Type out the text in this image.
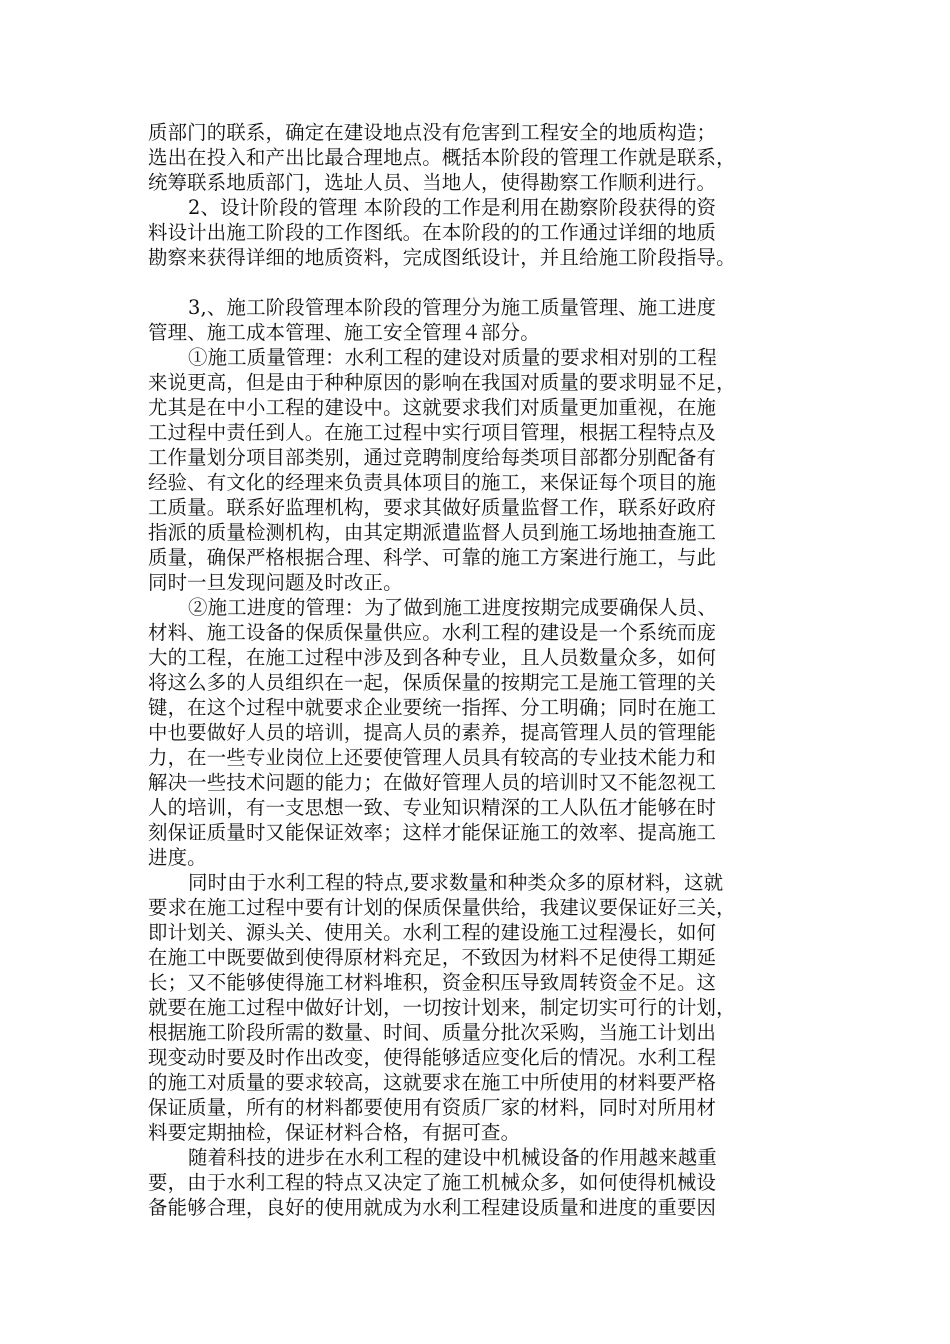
质部门的联系，确定在建设地点没有危害到工程安全的地质构造；
选出在投入和产出比最合理地点。概括本阶段的管理工作就是联系，
统筹联系地质部门，选址人员、当地人，使得勘察工作顺利进行。
2、设计阶段的管理 本阶段的工作是利用在勘察阶段获得的资
料设计出施工阶段的工作图纸。在本阶段的的工作通过详细的地质
勘察来获得详细的地质资料，完成图纸设计，并且给施工阶段指导。
3,、施工阶段管理本阶段的管理分为施工质量管理、施工进度
管理、施工成本管理、施工安全管理４部分。
①施工质量管理：水利工程的建设对质量的要求相对别的工程
来说更高，但是由于种种原因的影响在我国对质量的要求明显不足，
尤其是在中小工程的建设中。这就要求我们对质量更加重视，在施
工过程中责任到人。在施工过程中实行项目管理，根据工程特点及
工作量划分项目部类别，通过竞聘制度给每类项目部都分别配备有
经验、有文化的经理来负责具体项目的施工，来保证每个项目的施
工质量。联系好监理机构，要求其做好质量监督工作，联系好政府
指派的质量检测机构，由其定期派遣监督人员到施工场地抽查施工
质量，确保严格根据合理、科学、可靠的施工方案进行施工，与此
同时一旦发现问题及时改正。
②施工进度的管理：为了做到施工进度按期完成要确保人员、
材料、施工设备的保质保量供应。水利工程的建设是一个系统而庞
大的工程，在施工过程中涉及到各种专业，且人员数量众多，如何
将这么多的人员组织在一起，保质保量的按期完工是施工管理的关
键，在这个过程中就要求企业要统一指挥、分工明确；同时在施工
中也要做好人员的培训，提高人员的素养，提高管理人员的管理能
力，在一些专业岗位上还要使管理人员具有较高的专业技术能力和
解决一些技术问题的能力；在做好管理人员的培训时又不能忽视工
人的培训，有一支思想一致、专业知识精深的工人队伍才能够在时
刻保证质量时又能保证效率；这样才能保证施工的效率、提高施工
进度。
同时由于水利工程的特点,要求数量和种类众多的原材料，这就
要求在施工过程中要有计划的保质保量供给，我建议要保证好三关，
即计划关、源头关、使用关。水利工程的建设施工过程漫长，如何
在施工中既要做到使得原材料充足，不致因为材料不足使得工期延
长；又不能够使得施工材料堆积，资金积压导致周转资金不足。这
就要在施工过程中做好计划，一切按计划来，制定切实可行的计划，
根据施工阶段所需的数量、时间、质量分批次采购，当施工计划出
现变动时要及时作出改变，使得能够适应变化后的情况。水利工程
的施工对质量的要求较高，这就要求在施工中所使用的材料要严格
保证质量，所有的材料都要使用有资质厂家的材料，同时对所用材
料要定期抽检，保证材料合格，有据可查。
随着科技的进步在水利工程的建设中机械设备的作用越来越重
要，由于水利工程的特点又决定了施工机械众多，如何使得机械设
备能够合理，良好的使用就成为水利工程建设质量和进度的重要因
